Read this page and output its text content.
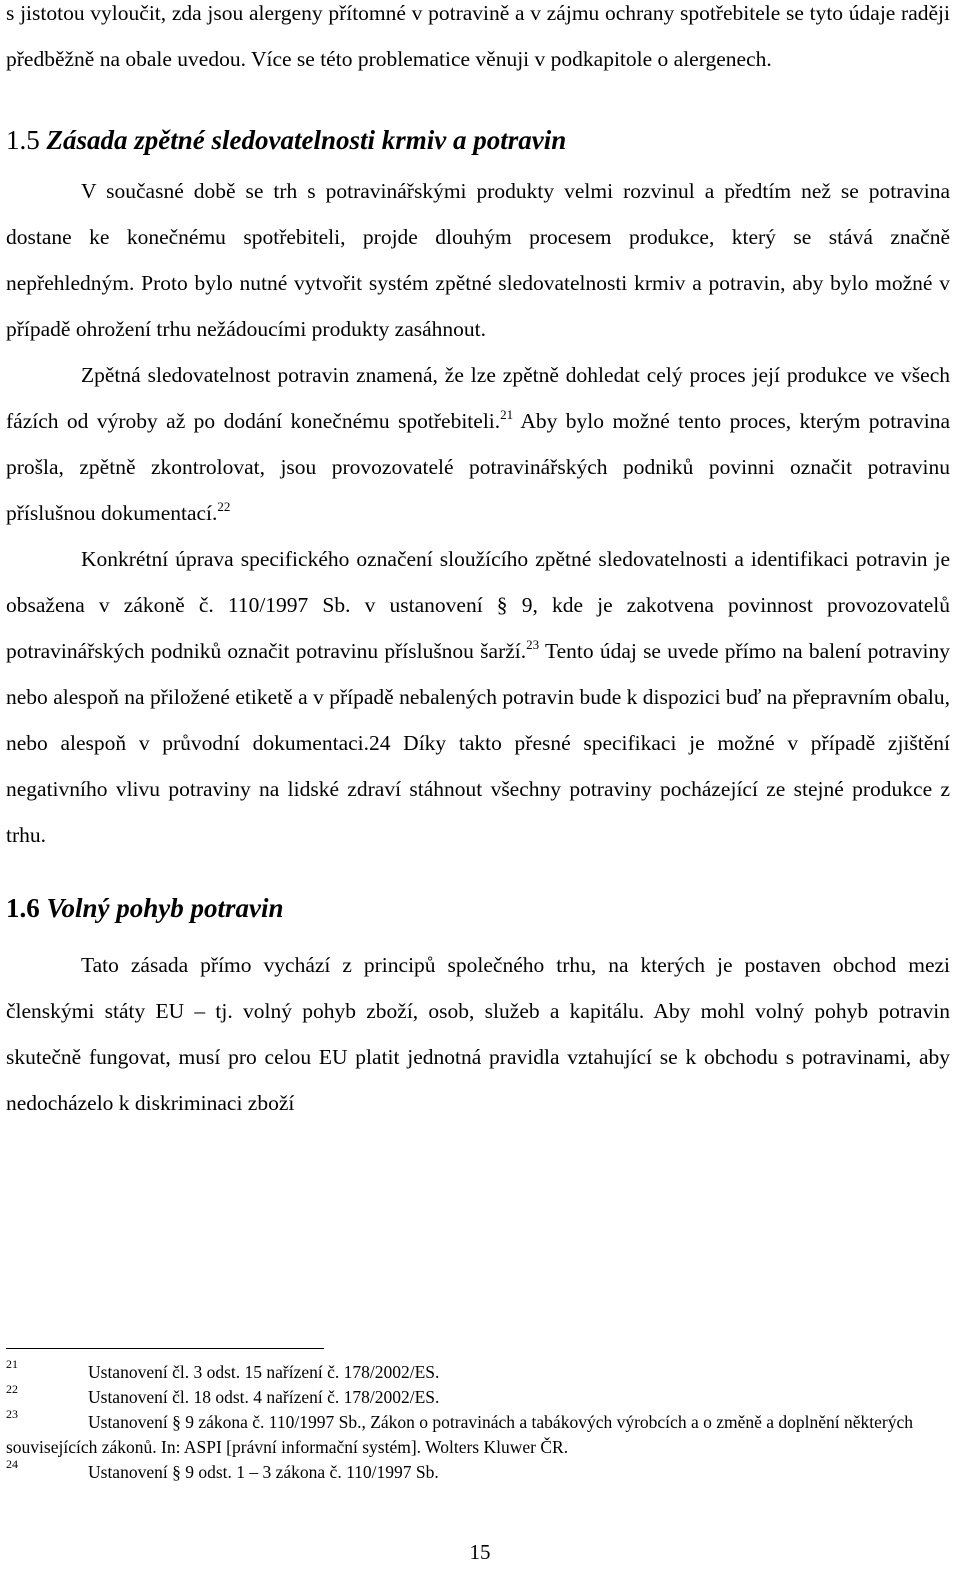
s jistotou vyloučit, zda jsou alergeny přítomné v potravině a v zájmu ochrany spotřebitele se tyto údaje raději předběžně na obale uvedou. Více se této problematice věnuji v podkapitole o alergenech.

1.5 Zásada zpětné sledovatelnosti krmiv a potravin

V současné době se trh s potravinářskými produkty velmi rozvinul a předtím než se potravina dostane ke konečnému spotřebiteli, projde dlouhým procesem produkce, který se stává značně nepřehledným. Proto bylo nutné vytvořit systém zpětné sledovatelnosti krmiv a potravin, aby bylo možné v případě ohrožení trhu nežádoucími produkty zasáhnout.

Zpětná sledovatelnost potravin znamená, že lze zpětně dohledat celý proces její produkce ve všech fázích od výroby až po dodání konečnému spotřebiteli.$^{21}$ Aby bylo možné tento proces, kterým potravina prošla, zpětně zkontrolovat, jsou provozovatelé potravinářských podniků povinni označit potravinu příslušnou dokumentací.$^{22}$

Konkrétní úprava specifického označení sloužícího zpětné sledovatelnosti a identifikaci potravin je obsažena v zákoně č. 110/1997 Sb. v ustanovení § 9, kde je zakotvena povinnost provozovatelů potravinářských podniků označit potravinu příslušnou šarží.$^{23}$ Tento údaj se uvede přímo na balení potraviny nebo alespoň na přiložené etiketě a v případě nebalených potravin bude k dispozici buď na přepravním obalu, nebo alespoň v průvodní dokumentaci.24 Díky takto přesné specifikaci je možné v případě zjištění negativního vlivu potraviny na lidské zdraví stáhnout všechny potraviny pocházející ze stejné produkce z trhu.

1.6 Volný pohyb potravin

Tato zásada přímo vychází z principů společného trhu, na kterých je postaven obchod mezi členskými státy EU – tj. volný pohyb zboží, osob, služeb a kapitálu. Aby mohl volný pohyb potravin skutečně fungovat, musí pro celou EU platit jednotná pravidla vztahující se k obchodu s potravinami, aby nedocházelo k diskriminaci zboží

21	Ustanovení čl. 3 odst. 15 nařízení č. 178/2002/ES.

22	Ustanovení čl. 18 odst. 4 nařízení č. 178/2002/ES.

23	Ustanovení § 9 zákona č. 110/1997 Sb., Zákon o potravinách a tabákových výrobcích a o změně a doplnění některých souvisejících zákonů. In: ASPI [právní informační systém]. Wolters Kluwer ČR.

24	Ustanovení § 9 odst. 1 – 3 zákona č. 110/1997 Sb.

15
